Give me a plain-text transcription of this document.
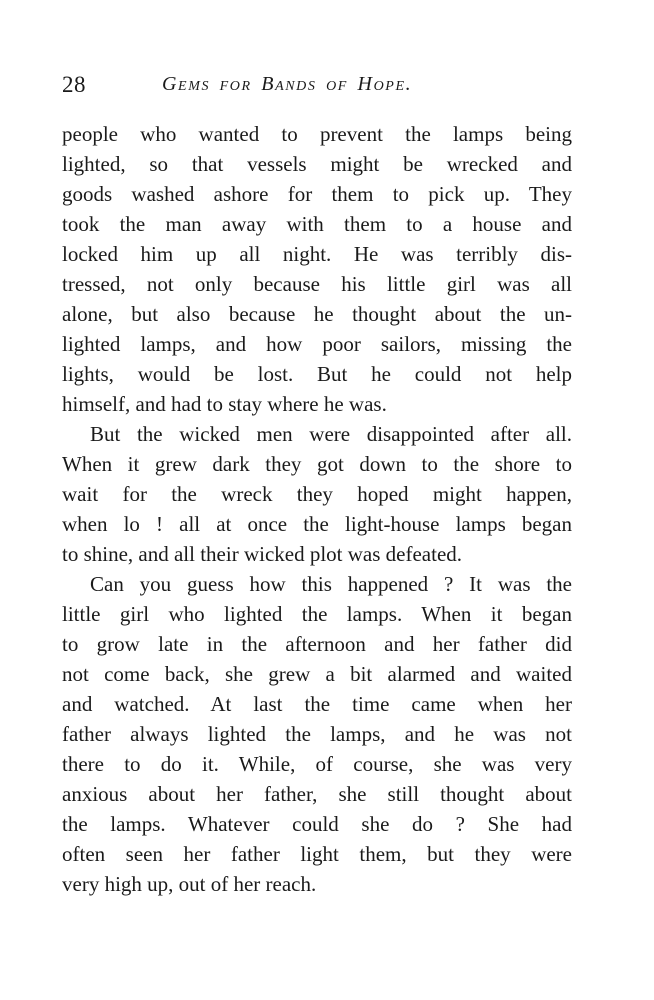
28	Gems for Bands of Hope.
people who wanted to prevent the lamps being
lighted, so that vessels might be wrecked and
goods washed ashore for them to pick up. They
took the man away with them to a house and
locked him up all night. He was terribly dis-
tressed, not only because his little girl was all
alone, but also because he thought about the un-
lighted lamps, and how poor sailors, missing the
lights, would be lost. But he could not help
himself, and had to stay where he was.
But the wicked men were disappointed after all.
When it grew dark they got down to the shore to
wait for the wreck they hoped might happen,
when lo ! all at once the light-house lamps began
to shine, and all their wicked plot was defeated.
Can you guess how this happened ? It was the
little girl who lighted the lamps. When it began
to grow late in the afternoon and her father did
not come back, she grew a bit alarmed and waited
and watched. At last the time came when her
father always lighted the lamps, and he was not
there to do it. While, of course, she was very
anxious about her father, she still thought about
the lamps. Whatever could she do ? She had
often seen her father light them, but they were
very high up, out of her reach.
